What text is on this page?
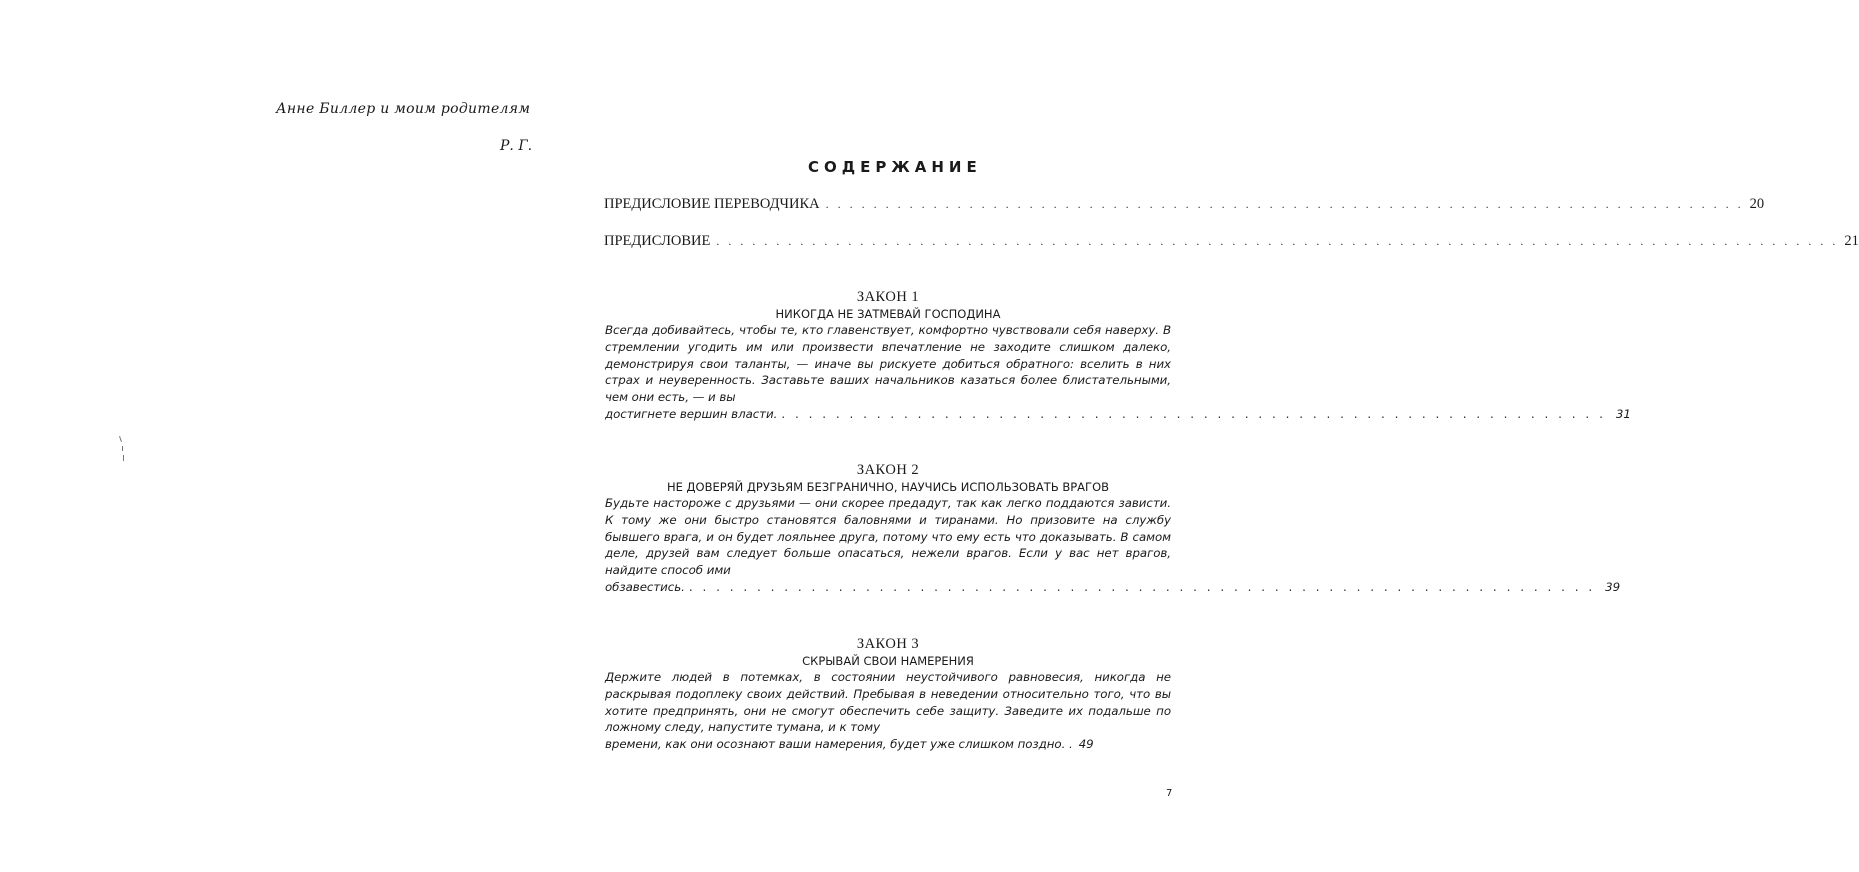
Анне Биллер и моим родителям
Р. Г.
СОДЕРЖАНИЕ
ПРЕДИСЛОВИЕ ПЕРЕВОДЧИКА . . . . . . . . . . . . . . . . . . . . . . . . . . . . . . . . . . . . . . . . . . . . . . . . . . . . . . . . . . . . . . . . . . . . . . . . . . . . . 20
ПРЕДИСЛОВИЕ . . . . . . . . . . . . . . . . . . . . . . . . . . . . . . . . . . . . . . . . . . . . . . . . . . . . . . . . . . . . . . . . . . . . . . . . . . . . . . . . . . . . . . . . . . . . . . 21
ЗАКОН 1
НИКОГДА НЕ ЗАТМЕВАЙ ГОСПОДИНА
Всегда добивайтесь, чтобы те, кто главенствует, комфортно чувствовали себя наверху. В стремлении угодить им или произвести впечатление не заходите слишком далеко, демонстрируя свои таланты, — иначе вы рискуете добиться обратного: вселить в них страх и неуверенность. Заставьте ваших начальников казаться более блистательными, чем они есть, — и вы
достигнете вершин власти. . . . . . . . . . . . . . . . . . . . . . . . . . . . . . . . . . . . . . . . . . . . . . . . . . . . . . . . . . . . . . 31
ЗАКОН 2
НЕ ДОВЕРЯЙ ДРУЗЬЯМ БЕЗГРАНИЧНО, НАУЧИСЬ ИСПОЛЬЗОВАТЬ ВРАГОВ
Будьте настороже с друзьями — они скорее предадут, так как легко поддаются зависти. К тому же они быстро становятся баловнями и тиранами. Но призовите на службу бывшего врага, и он будет лояльнее друга, потому что ему есть что доказывать. В самом деле, друзей вам следует больше опасаться, нежели врагов. Если у вас нет врагов, найдите способ ими
обзавестись. . . . . . . . . . . . . . . . . . . . . . . . . . . . . . . . . . . . . . . . . . . . . . . . . . . . . . . . . . . . . . . . . . . . 39
ЗАКОН 3
СКРЫВАЙ СВОИ НАМЕРЕНИЯ
Держите людей в потемках, в состоянии неустойчивого равновесия, никогда не раскрывая подоплеку своих действий. Пребывая в неведении относительно того, что вы хотите предпринять, они не смогут обеспечить себе защиту. Заведите их подальше по ложному следу, напустите тумана, и к тому
времени, как они осознают ваши намерения, будет уже слишком поздно. . 49
7
